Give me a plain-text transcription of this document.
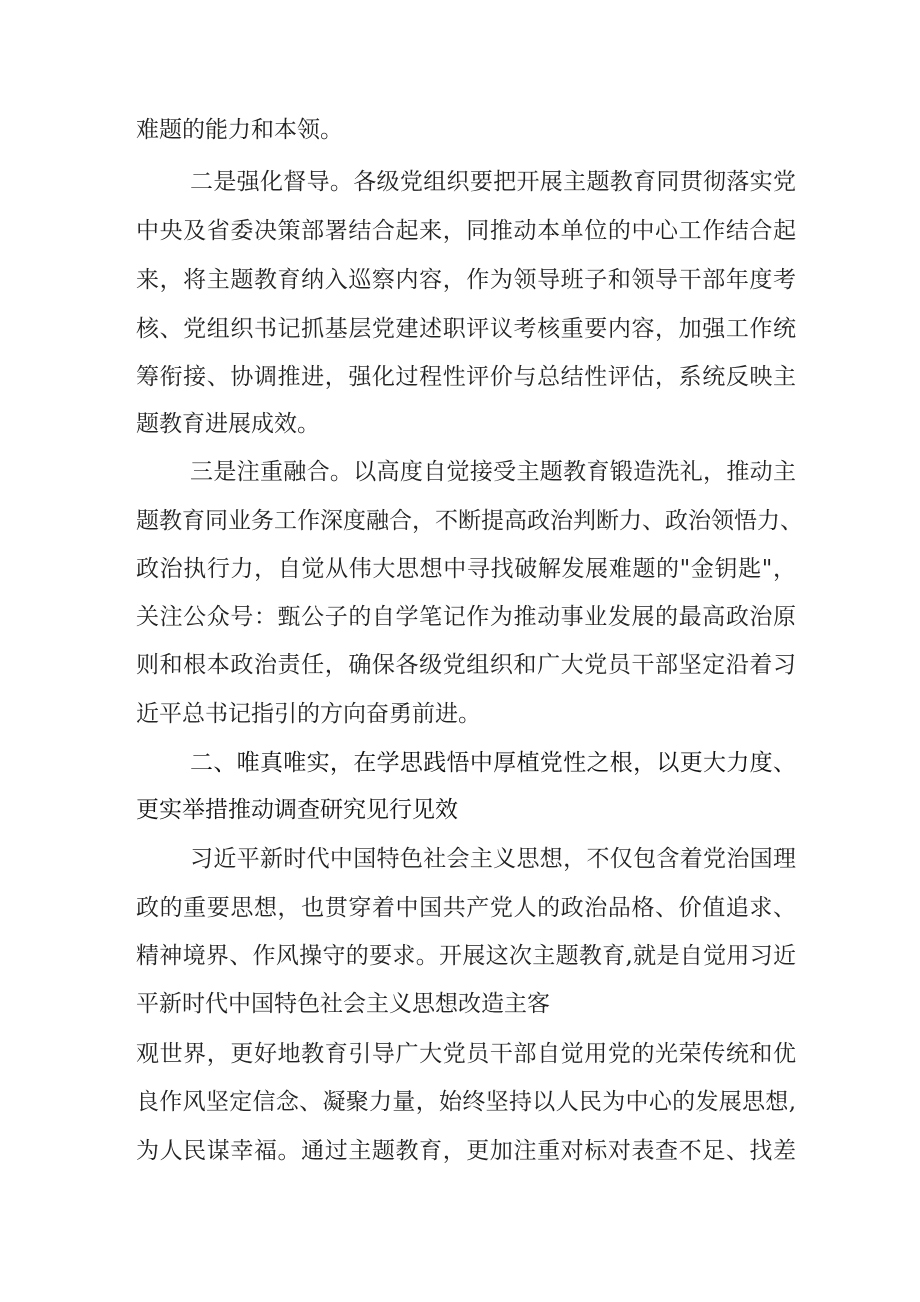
难题的能力和本领。
二是强化督导。各级党组织要把开展主题教育同贯彻落实党
中央及省委决策部署结合起来，同推动本单位的中心工作结合起
来，将主题教育纳入巡察内容，作为领导班子和领导干部年度考
核、党组织书记抓基层党建述职评议考核重要内容，加强工作统
筹衔接、协调推进，强化过程性评价与总结性评估，系统反映主
题教育进展成效。
三是注重融合。以高度自觉接受主题教育锻造洗礼，推动主
题教育同业务工作深度融合，不断提高政治判断力、政治领悟力、
政治执行力，自觉从伟大思想中寻找破解发展难题的"金钥匙"，
关注公众号：甄公子的自学笔记作为推动事业发展的最高政治原
则和根本政治责任，确保各级党组织和广大党员干部坚定沿着习
近平总书记指引的方向奋勇前进。
二、唯真唯实，在学思践悟中厚植党性之根，以更大力度、
更实举措推动调查研究见行见效
习近平新时代中国特色社会主义思想，不仅包含着党治国理
政的重要思想，也贯穿着中国共产党人的政治品格、价值追求、
精神境界、作风操守的要求。开展这次主题教育,就是自觉用习近
平新时代中国特色社会主义思想改造主客
观世界，更好地教育引导广大党员干部自觉用党的光荣传统和优
良作风坚定信念、凝聚力量，始终坚持以人民为中心的发展思想,
为人民谋幸福。通过主题教育，更加注重对标对表查不足、找差
